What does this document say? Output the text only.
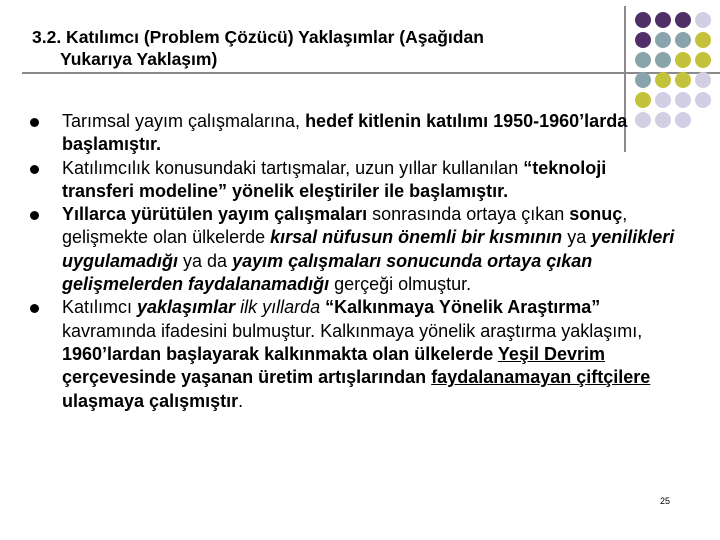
3.2. Katılımcı (Problem Çözücü) Yaklaşımlar (Aşağıdan
Yukarıya Yaklaşım)
Tarımsal yayım çalışmalarına, hedef kitlenin katılımı 1950-1960’larda başlamıştır.
Katılımcılık konusundaki tartışmalar, uzun yıllar kullanılan “teknoloji transferi modeline” yönelik eleştiriler ile başlamıştır.
Yıllarca yürütülen yayım çalışmaları sonrasında ortaya çıkan sonuç, gelişmekte olan ülkelerde kırsal nüfusun önemli bir kısmının ya yenilikleri uygulamadığı ya da yayım çalışmaları sonucunda ortaya çıkan gelişmelerden faydalanamadığı gerçeği olmuştur.
Katılımcı yaklaşımlar ilk yıllarda “Kalkınmaya Yönelik Araştırma” kavramında ifadesini bulmuştur. Kalkınmaya yönelik araştırma yaklaşımı, 1960’lardan başlayarak kalkınmakta olan ülkelerde Yeşil Devrim çerçevesinde yaşanan üretim artışlarından faydalanamayan çiftçilere ulaşmaya çalışmıştır.
25
